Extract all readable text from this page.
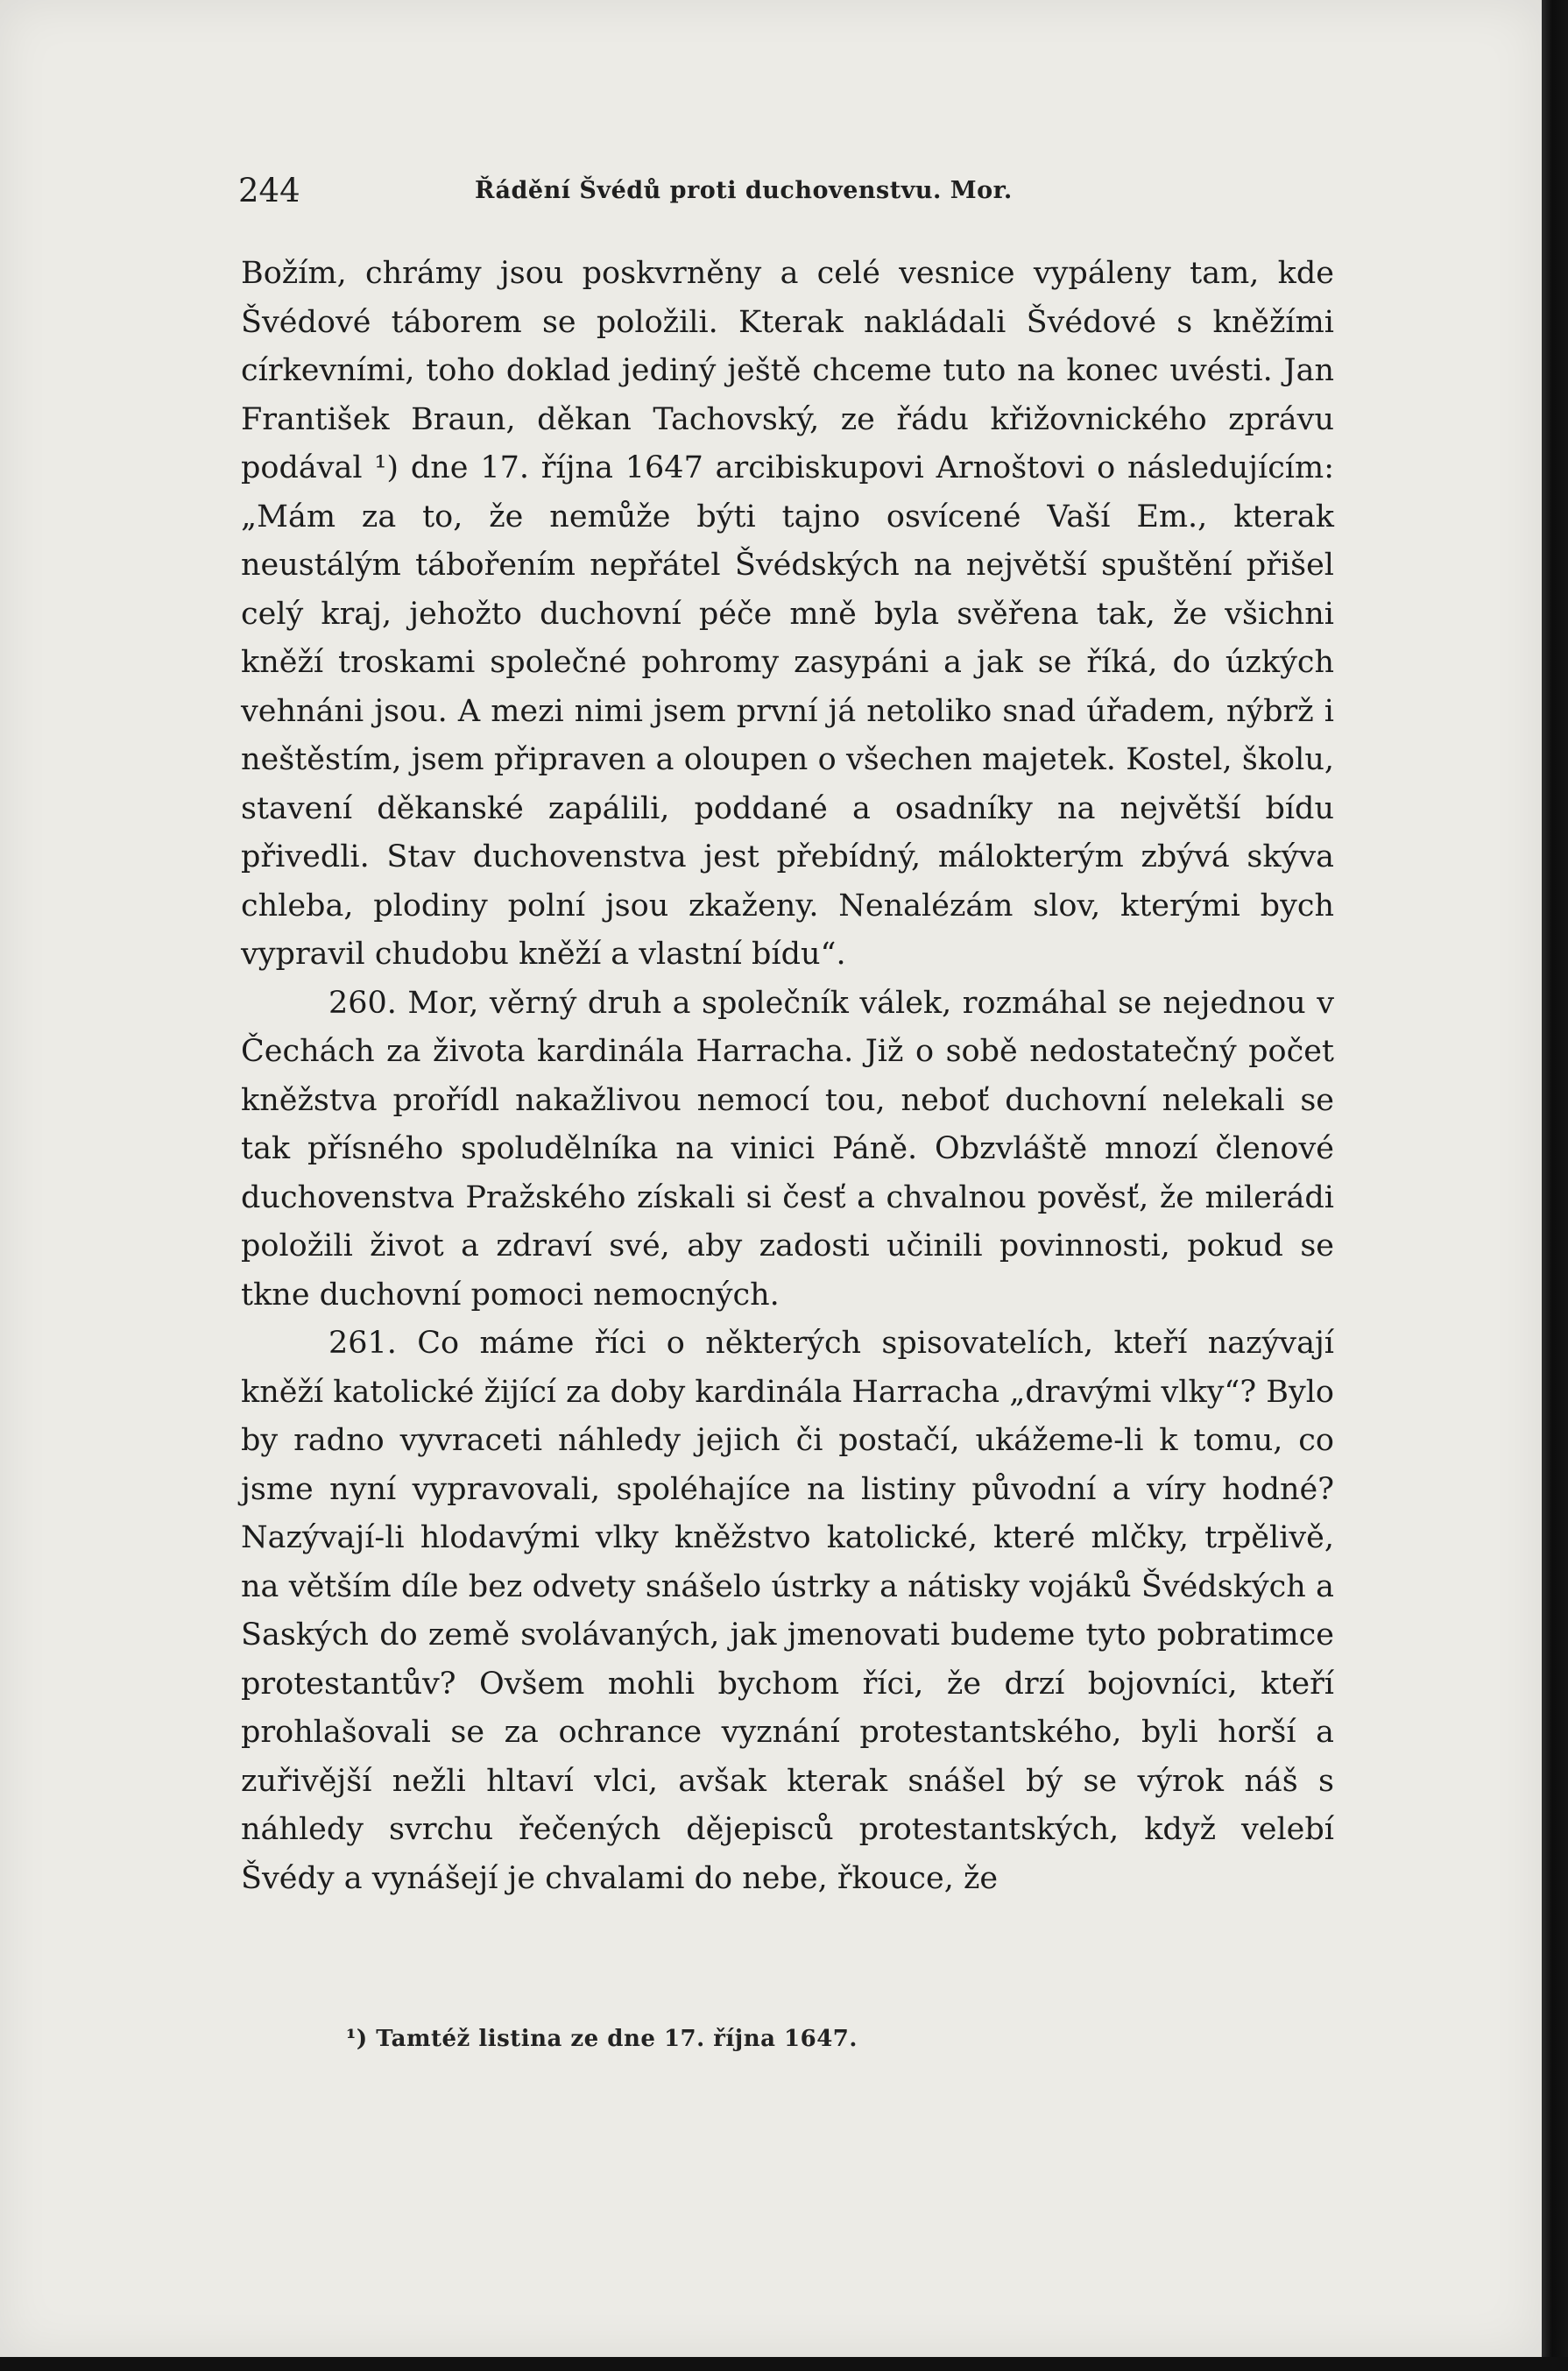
244	Řádění Švédů proti duchovenstvu. Mor.

Božím, chrámy jsou poskvrněny a celé vesnice vypáleny tam, kde Švédové táborem se položili. Kterak nakládali Švédové s kněžími církevními, toho doklad jediný ještě chceme tuto na konec uvésti. Jan František Braun, děkan Tachovský, ze řádu křižovnického zprávu podával ¹) dne 17. října 1647 arcibiskupovi Arnoštovi o následujícím: „Mám za to, že nemůže býti tajno osvícené Vaší Em., kterak neustálým tábořením nepřátel Švédských na největší spuštění přišel celý kraj, jehožto duchovní péče mně byla svěřena tak, že všichni kněží troskami společné pohromy zasypáni a jak se říká, do úzkých vehnáni jsou. A mezi nimi jsem první já netoliko snad úřadem, nýbrž i neštěstím, jsem připraven a oloupen o všechen majetek. Kostel, školu, stavení děkanské zapálili, poddané a osadníky na největší bídu přivedli. Stav duchovenstva jest přebídný, málokterým zbývá skýva chleba, plodiny polní jsou zkaženy. Nenalézám slov, kterými bych vypravil chudobu kněží a vlastní bídu“.

260. Mor, věrný druh a společník válek, rozmáhal se nejednou v Čechách za života kardinála Harracha. Již o sobě nedostatečný počet kněžstva prořídl nakažlivou nemocí tou, neboť duchovní nelekali se tak přísného spoludělníka na vinici Páně. Obzvláště mnozí členové duchovenstva Pražského získali si česť a chvalnou pověsť, že milerádi položili život a zdraví své, aby zadosti učinili povinnosti, pokud se tkne duchovní pomoci nemocných.

261. Co máme říci o některých spisovatelích, kteří nazývají kněží katolické žijící za doby kardinála Harracha „dravými vlky“? Bylo by radno vyvraceti náhledy jejich či postačí, ukážeme-li k tomu, co jsme nyní vypravovali, spoléhajíce na listiny původní a víry hodné? Nazývají-li hlodavými vlky kněžstvo katolické, které mlčky, trpělivě, na větším díle bez odvety snášelo ústrky a nátisky vojáků Švédských a Saských do země svolávaných, jak jmenovati budeme tyto pobratimce protestantův? Ovšem mohli bychom říci, že drzí bojovníci, kteří prohlašovali se za ochrance vyznání protestantského, byli horší a zuřivější nežli hltaví vlci, avšak kterak snášel bý se výrok náš s náhledy svrchu řečených dějepisců protestantských, když velebí Švédy a vynášejí je chvalami do nebe, řkouce, že

¹) Tamtéž listina ze dne 17. října 1647.
